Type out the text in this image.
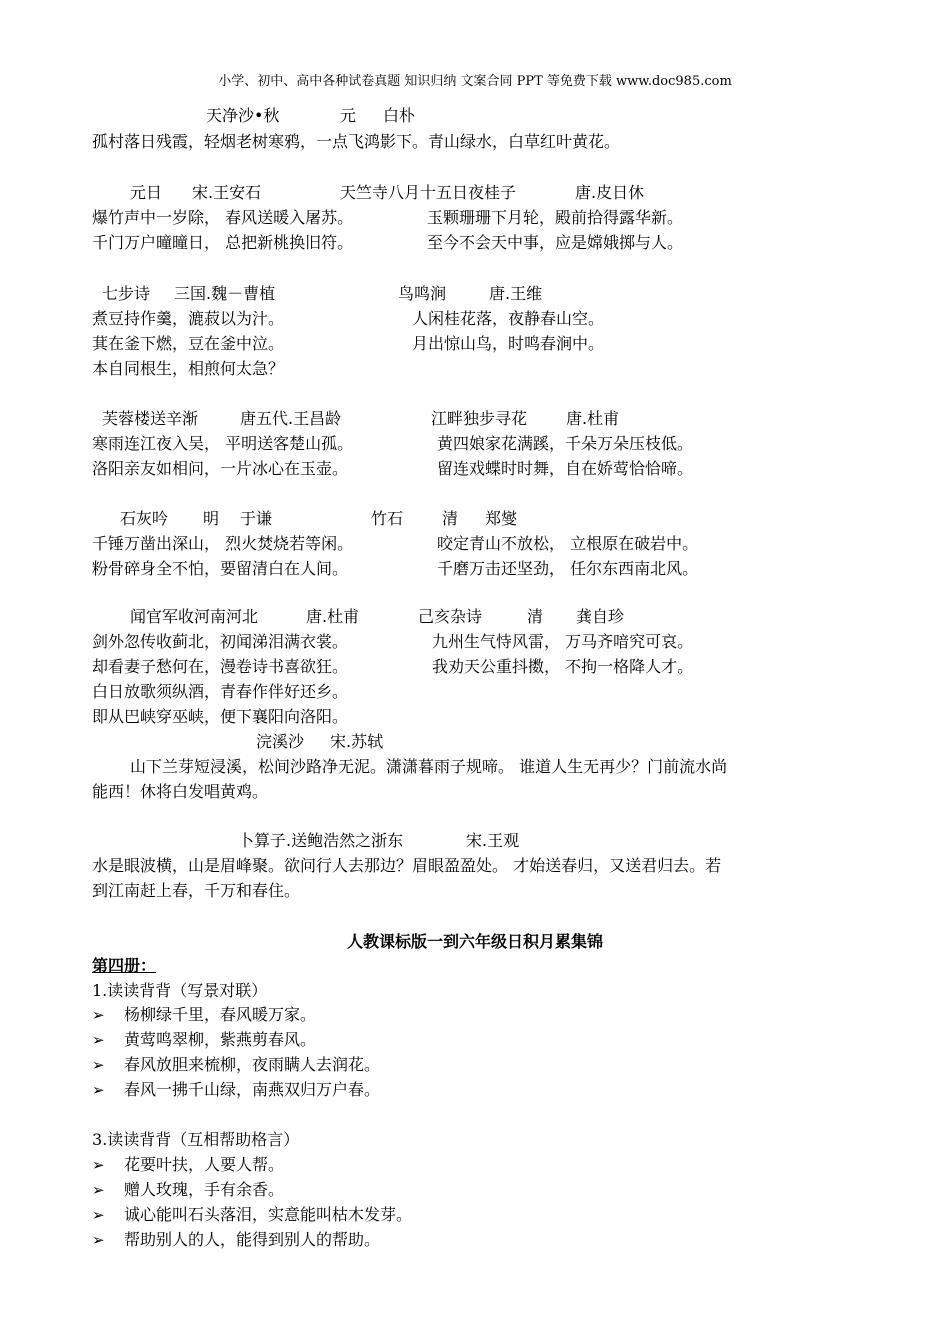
小学、初中、高中各种试卷真题 知识归纳 文案合同 PPT 等免费下载 www.doc985.com
天净沙•秋	元 白朴
孤村落日残霞，轻烟老树寒鸦，一点飞鸿影下。青山绿水，白草红叶黄花。
元日 宋.王安石	天竺寺八月十五日夜桂子	唐.皮日休
爆竹声中一岁除， 春风送暖入屠苏。	玉颗珊珊下月轮，殿前拾得露华新。
千门万户曈曈日， 总把新桃换旧符。	至今不会天中事，应是嫦娥掷与人。
七步诗 三国.魏－曹植	鸟鸣涧	唐.王维
煮豆持作羹，漉菽以为汁。	人闲桂花落，夜静春山空。
萁在釜下燃，豆在釜中泣。	月出惊山鸟，时鸣春涧中。
本自同根生，相煎何太急？
芙蓉楼送辛渐	唐五代.王昌龄	江畔独步寻花 唐.杜甫
寒雨连江夜入吴， 平明送客楚山孤。	黄四娘家花满蹊，千朵万朵压枝低。
洛阳亲友如相问，一片冰心在玉壶。	留连戏蝶时时舞，自在娇莺恰恰啼。
石灰吟 明 于谦	竹石 清 郑燮
千锤万凿出深山， 烈火焚烧若等闲。	咬定青山不放松， 立根原在破岩中。
粉骨碎身全不怕，要留清白在人间。	千磨万击还坚劲， 任尔东西南北风。
闻官军收河南河北	唐.杜甫	己亥杂诗	清 龚自珍
剑外忽传收蓟北，初闻涕泪满衣裳。	九州生气恃风雷， 万马齐喑究可哀。
却看妻子愁何在，漫卷诗书喜欲狂。	我劝天公重抖擞， 不拘一格降人才。
白日放歌须纵酒，青春作伴好还乡。
即从巴峡穿巫峡，便下襄阳向洛阳。
浣溪沙 宋.苏轼
山下兰芽短浸溪，松间沙路净无泥。潇潇暮雨子规啼。 谁道人生无再少？门前流水尚
能西！休将白发唱黄鸡。
卜算子.送鲍浩然之浙东	宋.王观
水是眼波横，山是眉峰聚。欲问行人去那边？眉眼盈盈处。 才始送春归，又送君归去。若
到江南赶上春，千万和春住。
人教课标版一到六年级日积月累集锦
第四册：
1.读读背背（写景对联）
➢ 杨柳绿千里，春风暖万家。
➢ 黄莺鸣翠柳，紫燕剪春风。
➢ 春风放胆来梳柳，夜雨瞒人去润花。
➢ 春风一拂千山绿，南燕双归万户春。
3.读读背背（互相帮助格言）
➢ 花要叶扶，人要人帮。
➢ 赠人玫瑰，手有余香。
➢ 诚心能叫石头落泪，实意能叫枯木发芽。
➢ 帮助别人的人，能得到别人的帮助。
